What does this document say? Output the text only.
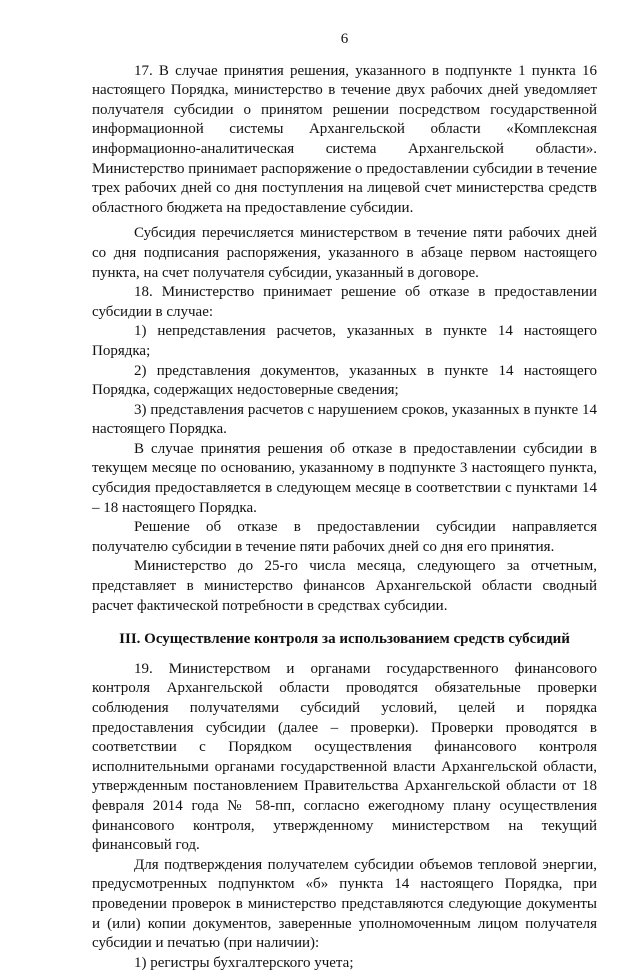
6

17. В случае принятия решения, указанного в подпункте 1 пункта 16 настоящего Порядка, министерство в течение двух рабочих дней уведомляет получателя субсидии о принятом решении посредством государственной информационной системы Архангельской области «Комплексная информационно-аналитическая система Архангельской области». Министерство принимает распоряжение о предоставлении субсидии в течение трех рабочих дней со дня поступления на лицевой счет министерства средств областного бюджета на предоставление субсидии.

Субсидия перечисляется министерством в течение пяти рабочих дней со дня подписания распоряжения, указанного в абзаце первом настоящего пункта, на счет получателя субсидии, указанный в договоре.

18. Министерство принимает решение об отказе в предоставлении субсидии в случае:

1) непредставления расчетов, указанных в пункте 14 настоящего Порядка;

2) представления документов, указанных в пункте 14 настоящего Порядка, содержащих недостоверные сведения;

3) представления расчетов с нарушением сроков, указанных в пункте 14 настоящего Порядка.

В случае принятия решения об отказе в предоставлении субсидии в текущем месяце по основанию, указанному в подпункте 3 настоящего пункта, субсидия предоставляется в следующем месяце в соответствии с пунктами 14 – 18 настоящего Порядка.

Решение об отказе в предоставлении субсидии направляется получателю субсидии в течение пяти рабочих дней со дня его принятия.

Министерство до 25-го числа месяца, следующего за отчетным, представляет в министерство финансов Архангельской области сводный расчет фактической потребности в средствах субсидии.

III. Осуществление контроля за использованием средств субсидий

19. Министерством и органами государственного финансового контроля Архангельской области проводятся обязательные проверки соблюдения получателями субсидий условий, целей и порядка предоставления субсидии (далее – проверки). Проверки проводятся в соответствии с Порядком осуществления финансового контроля исполнительными органами государственной власти Архангельской области, утвержденным постановлением Правительства Архангельской области от 18 февраля 2014 года № 58-пп, согласно ежегодному плану осуществления финансового контроля, утвержденному министерством на текущий финансовый год.

Для подтверждения получателем субсидии объемов тепловой энергии, предусмотренных подпунктом «б» пункта 14 настоящего Порядка, при проведении проверок в министерство представляются следующие документы и (или) копии документов, заверенные уполномоченным лицом получателя субсидии и печатью (при наличии):

1) регистры бухгалтерского учета;
